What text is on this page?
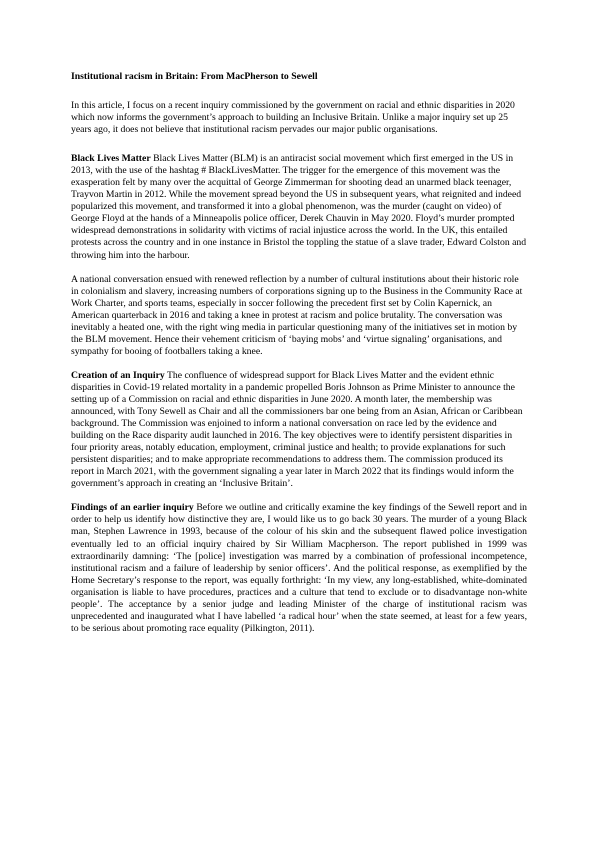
Institutional racism in Britain: From MacPherson to Sewell

In this article, I focus on a recent inquiry commissioned by the government on racial and ethnic disparities in 2020 which now informs the government’s approach to building an Inclusive Britain. Unlike a major inquiry set up 25 years ago, it does not believe that institutional racism pervades our major public organisations.

Black Lives Matter Black Lives Matter (BLM) is an antiracist social movement which first emerged in the US in 2013, with the use of the hashtag # BlackLivesMatter. The trigger for the emergence of this movement was the exasperation felt by many over the acquittal of George Zimmerman for shooting dead an unarmed black teenager, Trayvon Martin in 2012. While the movement spread beyond the US in subsequent years, what reignited and indeed popularized this movement, and transformed it into a global phenomenon, was the murder (caught on video) of George Floyd at the hands of a Minneapolis police officer, Derek Chauvin in May 2020. Floyd’s murder prompted widespread demonstrations in solidarity with victims of racial injustice across the world. In the UK, this entailed protests across the country and in one instance in Bristol the toppling the statue of a slave trader, Edward Colston and throwing him into the harbour.

A national conversation ensued with renewed reflection by a number of cultural institutions about their historic role in colonialism and slavery, increasing numbers of corporations signing up to the Business in the Community Race at Work Charter, and sports teams, especially in soccer following the precedent first set by Colin Kapernick, an American quarterback in 2016 and taking a knee in protest at racism and police brutality. The conversation was inevitably a heated one, with the right wing media in particular questioning many of the initiatives set in motion by the BLM movement. Hence their vehement criticism of ‘baying mobs’ and ‘virtue signaling’ organisations, and sympathy for booing of footballers taking a knee.

Creation of an Inquiry The confluence of widespread support for Black Lives Matter and the evident ethnic disparities in Covid-19 related mortality in a pandemic propelled Boris Johnson as Prime Minister to announce the setting up of a Commission on racial and ethnic disparities in June 2020. A month later, the membership was announced, with Tony Sewell as Chair and all the commissioners bar one being from an Asian, African or Caribbean background. The Commission was enjoined to inform a national conversation on race led by the evidence and building on the Race disparity audit launched in 2016. The key objectives were to identify persistent disparities in four priority areas, notably education, employment, criminal justice and health; to provide explanations for such persistent disparities; and to make appropriate recommendations to address them. The commission produced its report in March 2021, with the government signaling a year later in March 2022 that its findings would inform the government’s approach in creating an ‘Inclusive Britain’.

Findings of an earlier inquiry Before we outline and critically examine the key findings of the Sewell report and in order to help us identify how distinctive they are, I would like us to go back 30 years. The murder of a young Black man, Stephen Lawrence in 1993, because of the colour of his skin and the subsequent flawed police investigation eventually led to an official inquiry chaired by Sir William Macpherson. The report published in 1999 was extraordinarily damning: ‘The [police] investigation was marred by a combination of professional incompetence, institutional racism and a failure of leadership by senior officers’. And the political response, as exemplified by the Home Secretary’s response to the report, was equally forthright: ‘In my view, any long-established, white-dominated organisation is liable to have procedures, practices and a culture that tend to exclude or to disadvantage non-white people’. The acceptance by a senior judge and leading Minister of the charge of institutional racism was unprecedented and inaugurated what I have labelled ‘a radical hour’ when the state seemed, at least for a few years, to be serious about promoting race equality (Pilkington, 2011).
